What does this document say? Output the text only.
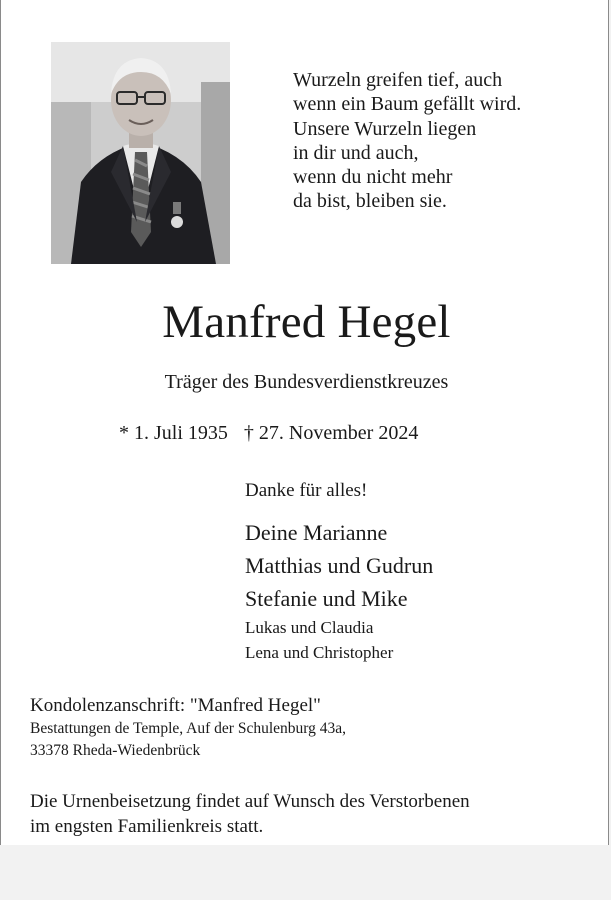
Wurzeln greifen tief, auch
wenn ein Baum gefällt wird.
Unsere Wurzeln liegen
in dir und auch,
wenn du nicht mehr
da bist, bleiben sie.
Manfred Hegel
Träger des Bundesverdienstkreuzes
* 1. Juli 1935 † 27. November 2024
Danke für alles!
Deine Marianne
Matthias und Gudrun
Stefanie und Mike
Lukas und Claudia
Lena und Christopher
Kondolenzanschrift: "Manfred Hegel"
Bestattungen de Temple, Auf der Schulenburg 43a,
33378 Rheda-Wiedenbrück
Die Urnenbeisetzung findet auf Wunsch des Verstorbenen
im engsten Familienkreis statt.
